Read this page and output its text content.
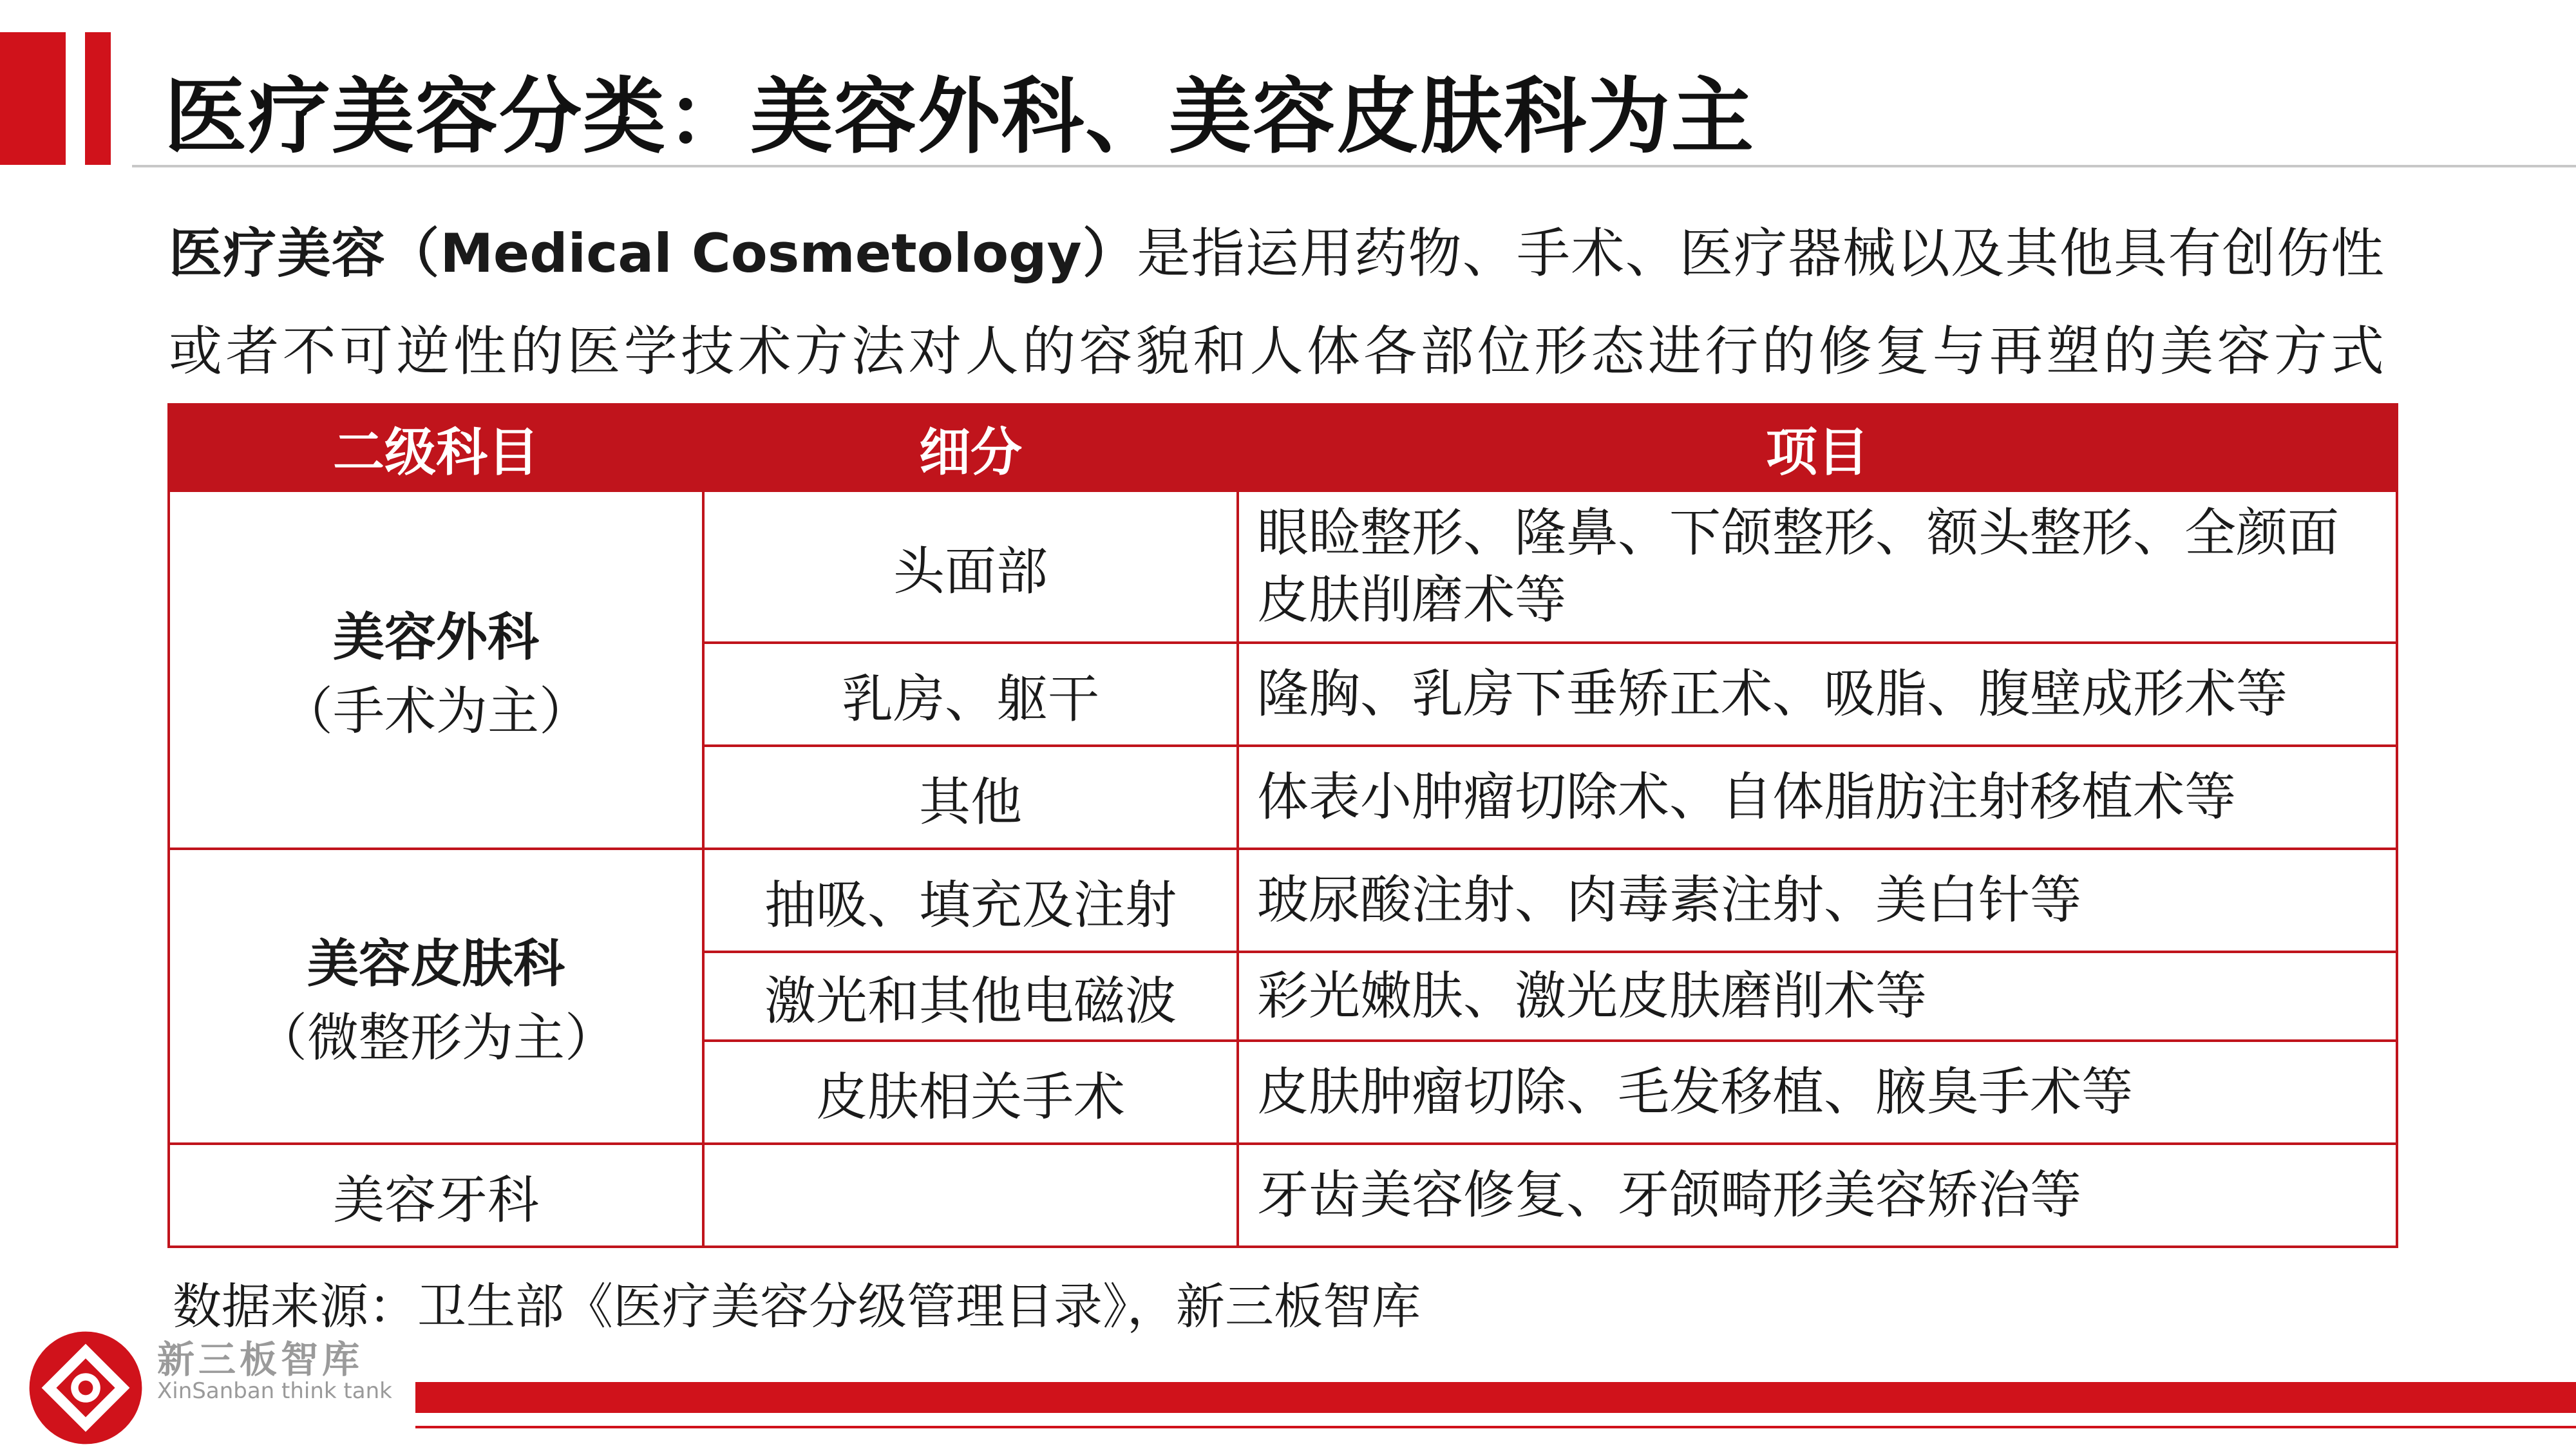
医疗美容分类：美容外科、美容皮肤科为主
医疗美容（Medical Cosmetology）是指运用药物、手术、医疗器械以及其他具有创伤性或者不可逆性的医学技术方法对人的容貌和人体各部位形态进行的修复与再塑的美容方式
二级科目	细分	项目

美容外科
（手术为主）	头面部	眼睑整形、隆鼻、下颌整形、额头整形、全颜面皮肤削磨术等
	乳房、躯干	隆胸、乳房下垂矫正术、吸脂、腹壁成形术等
	其他	体表小肿瘤切除术、自体脂肪注射移植术等

美容皮肤科
（微整形为主）	抽吸、填充及注射	玻尿酸注射、肉毒素注射、美白针等
	激光和其他电磁波	彩光嫩肤、激光皮肤磨削术等
	皮肤相关手术	皮肤肿瘤切除、毛发移植、腋臭手术等
美容牙科		牙齿美容修复、牙颌畸形美容矫治等
数据来源：卫生部《医疗美容分级管理目录》，新三板智库
新三板智库
XinSanban think tank
